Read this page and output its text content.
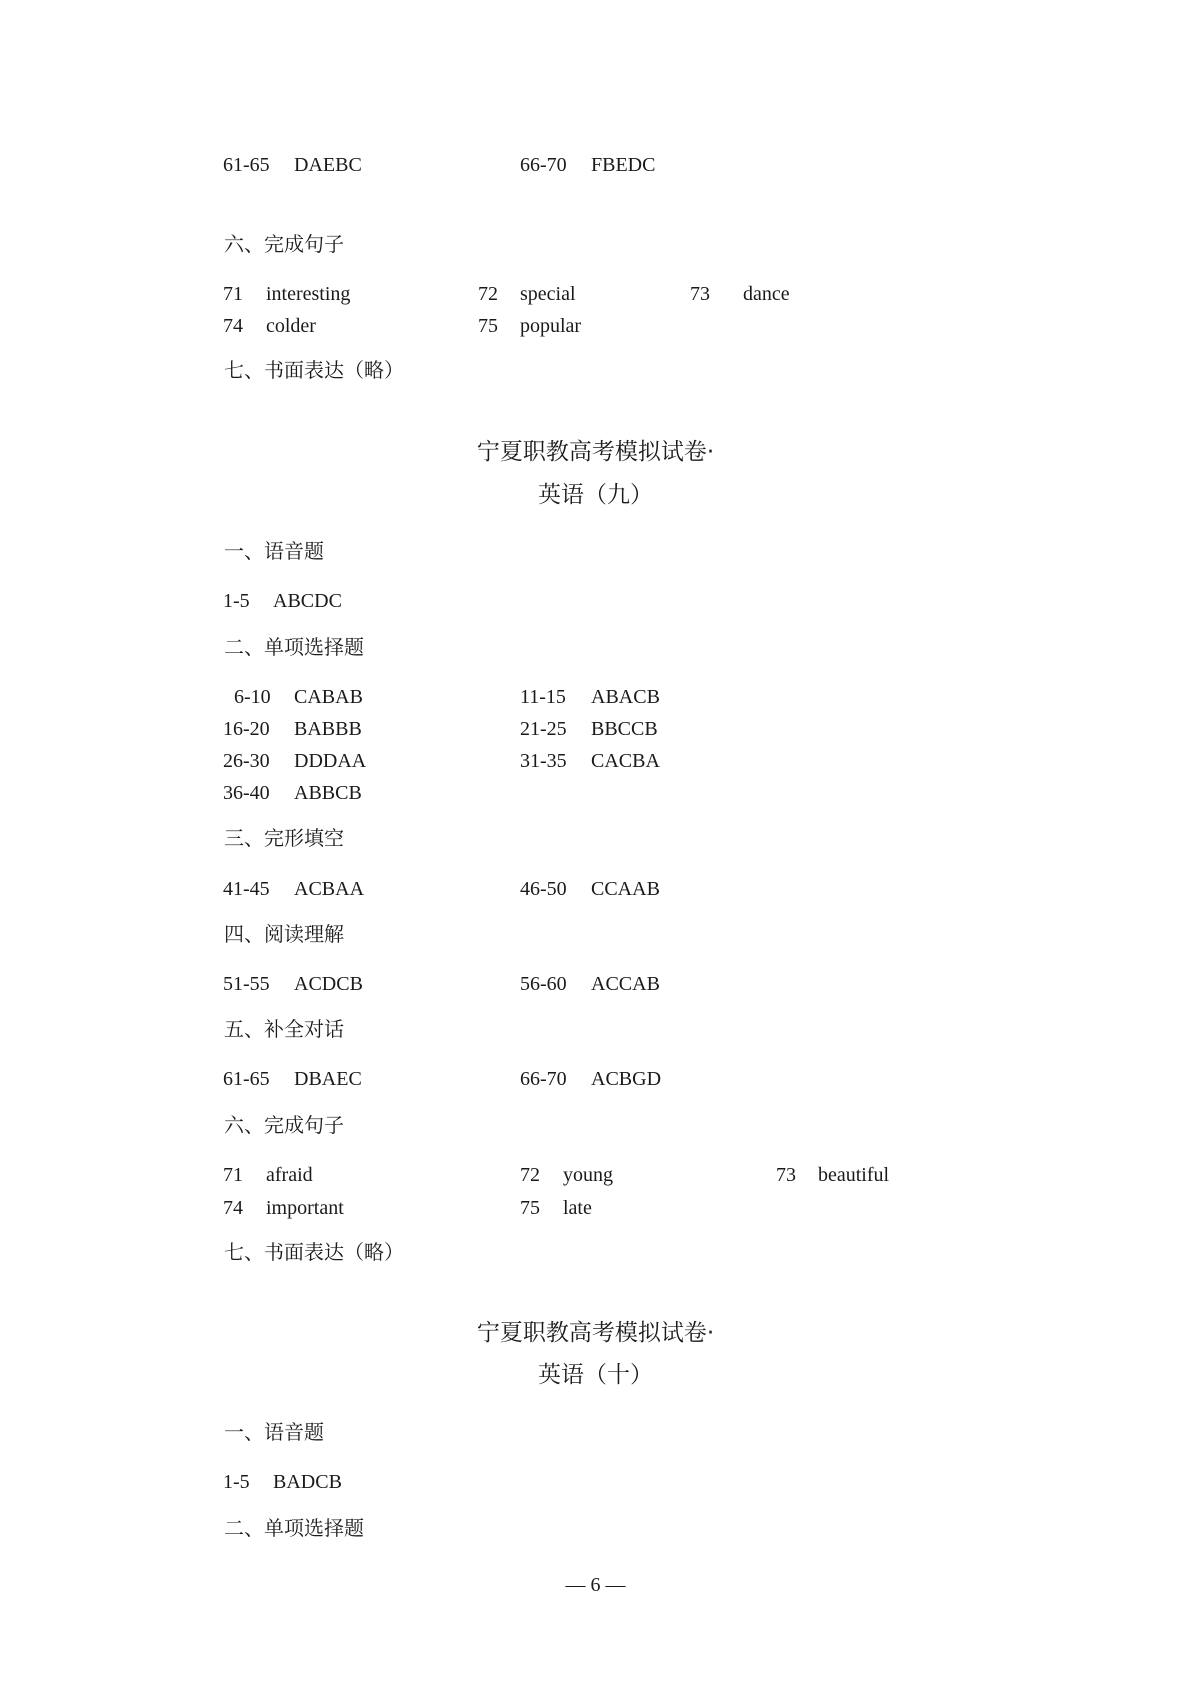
61-65 DAEBC	66-70 FBEDC
六、完成句子
71 interesting	72 special	73 dance
74 colder	75 popular
七、书面表达（略）
宁夏职教高考模拟试卷·
英语（九）
一、语音题
1-5 ABCDC
二、单项选择题
6-10 CABAB	11-15 ABACB
16-20 BABBB	21-25 BBCCB
26-30 DDDAA	31-35 CACBA
36-40 ABBCB
三、完形填空
41-45 ACBAA	46-50 CCAAB
四、阅读理解
51-55 ACDCB	56-60 ACCAB
五、补全对话
61-65 DBAEC	66-70 ACBGD
六、完成句子
71 afraid	72 young	73 beautiful
74 important	75 late
七、书面表达（略）
宁夏职教高考模拟试卷·
英语（十）
一、语音题
1-5 BADCB
二、单项选择题
— 6 —
